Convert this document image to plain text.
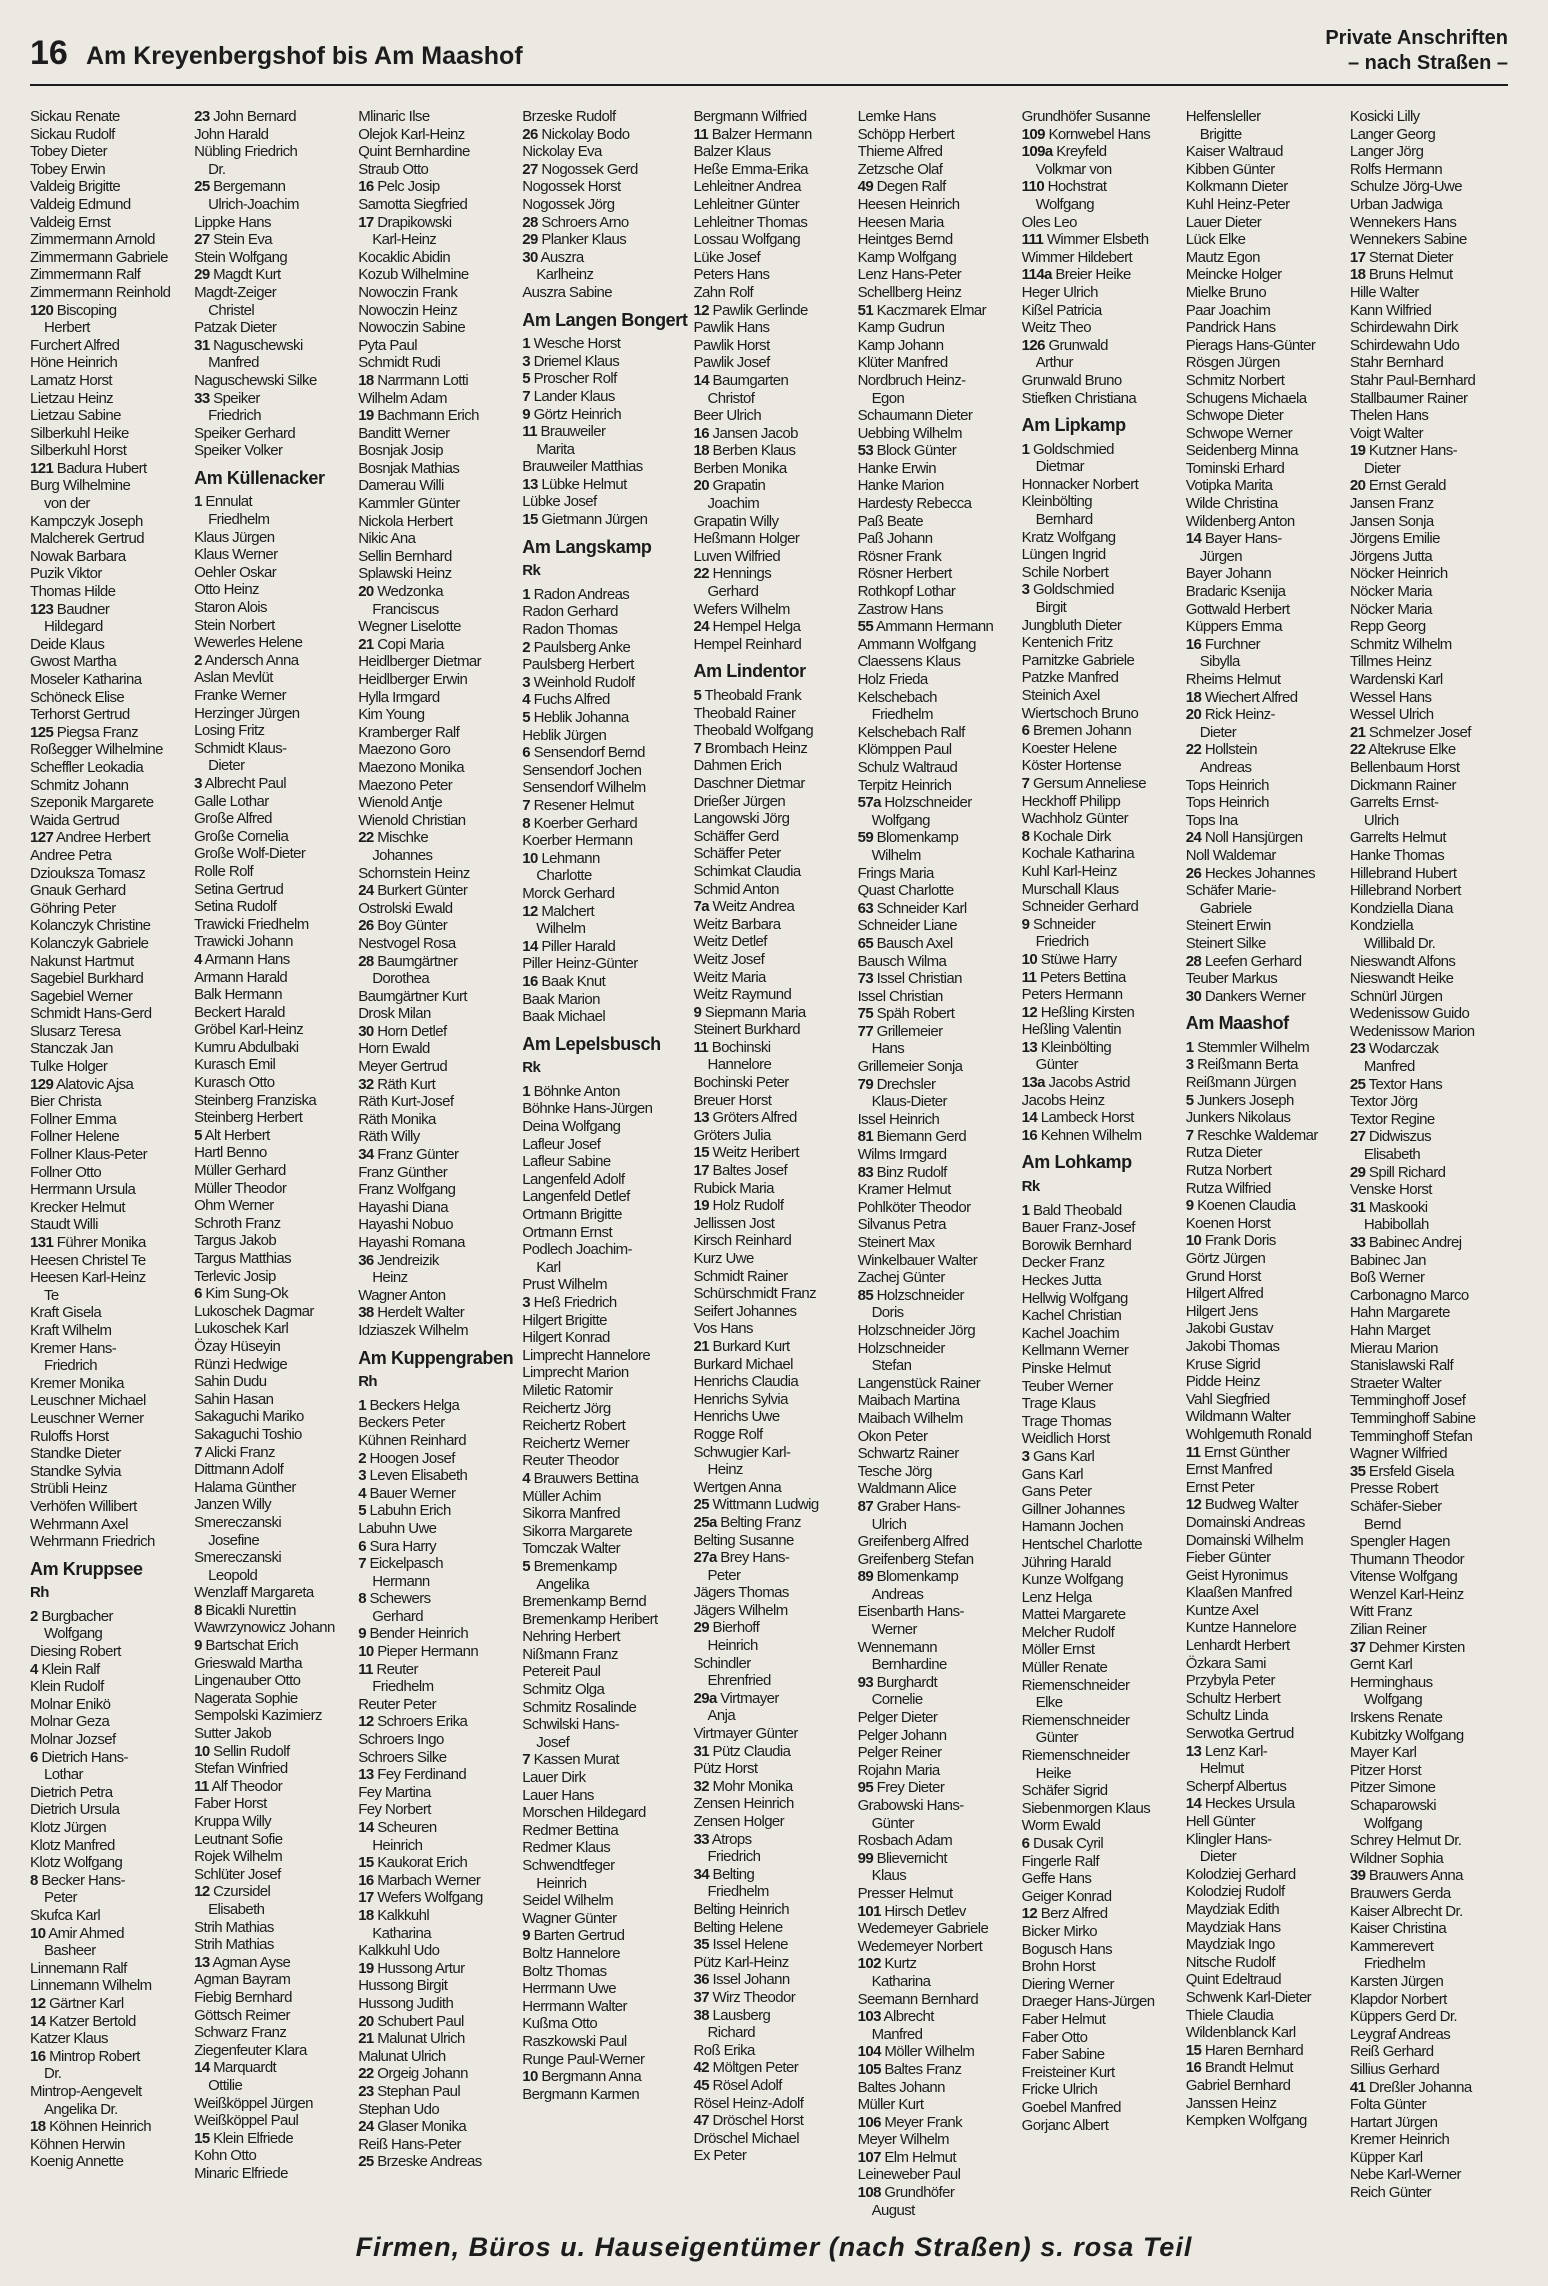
16 Am Kreyenbergshof bis Am Maashof
Private Anschriften
– nach Straßen –
Sickau Renate
Sickau Rudolf
Tobey Dieter
Tobey Erwin
Valdeig Brigitte
Valdeig Edmund
Valdeig Ernst
Zimmermann Arnold
Zimmermann Gabriele
Zimmermann Ralf
Zimmermann Reinhold
120 Biscoping
Herbert
Furchert Alfred
Höne Heinrich
Lamatz Horst
Lietzau Heinz
Lietzau Sabine
Silberkuhl Heike
Silberkuhl Horst
121 Badura Hubert
Burg Wilhelmine
von der
Kampczyk Joseph
Malcherek Gertrud
Nowak Barbara
Puzik Viktor
Thomas Hilde
123 Baudner
Hildegard
Deide Klaus
Gwost Martha
Moseler Katharina
Schöneck Elise
Terhorst Gertrud
125 Piegsa Franz
Roßegger Wilhelmine
Scheffler Leokadia
Schmitz Johann
Szeponik Margarete
Waida Gertrud
127 Andree Herbert
Andree Petra
Dziouksza Tomasz
Gnauk Gerhard
Göhring Peter
Kolanczyk Christine
Kolanczyk Gabriele
Nakunst Hartmut
Sagebiel Burkhard
Sagebiel Werner
Schmidt Hans-Gerd
Slusarz Teresa
Stanczak Jan
Tulke Holger
129 Alatovic Ajsa
Bier Christa
Follner Emma
Follner Helene
Follner Klaus-Peter
Follner Otto
Herrmann Ursula
Krecker Helmut
Staudt Willi
131 Führer Monika
Heesen Christel Te
Heesen Karl-Heinz
Te
Kraft Gisela
Kraft Wilhelm
Kremer Hans-
Friedrich
Kremer Monika
Leuschner Michael
Leuschner Werner
Ruloffs Horst
Standke Dieter
Standke Sylvia
Strübli Heinz
Verhöfen Willibert
Wehrmann Axel
Wehrmann Friedrich
Am Kruppsee
Rh
2 Burgbacher
Wolfgang
Diesing Robert
4 Klein Ralf
Klein Rudolf
Molnar Enikö
Molnar Geza
Molnar Jozsef
6 Dietrich Hans-
Lothar
Dietrich Petra
Dietrich Ursula
Klotz Jürgen
Klotz Manfred
Klotz Wolfgang
8 Becker Hans-
Peter
Skufca Karl
10 Amir Ahmed
Basheer
Linnemann Ralf
Linnemann Wilhelm
12 Gärtner Karl
14 Katzer Bertold
Katzer Klaus
16 Mintrop Robert
Dr.
Mintrop-Aengevelt
Angelika Dr.
18 Köhnen Heinrich
Köhnen Herwin
Koenig Annette
23 John Bernard
John Harald
Nübling Friedrich
Dr.
25 Bergemann
Ulrich-Joachim
Lippke Hans
27 Stein Eva
Stein Wolfgang
29 Magdt Kurt
Magdt-Zeiger
Christel
Patzak Dieter
31 Naguschewski
Manfred
Naguschewski Silke
33 Speiker
Friedrich
Speiker Gerhard
Speiker Volker
Am Küllenacker
1 Ennulat
Friedhelm
Klaus Jürgen
Klaus Werner
Oehler Oskar
Otto Heinz
Staron Alois
Stein Norbert
Wewerles Helene
2 Andersch Anna
Aslan Mevlüt
Franke Werner
Herzinger Jürgen
Losing Fritz
Schmidt Klaus-
Dieter
3 Albrecht Paul
Galle Lothar
Große Alfred
Große Cornelia
Große Wolf-Dieter
Rolle Rolf
Setina Gertrud
Setina Rudolf
Trawicki Friedhelm
Trawicki Johann
4 Armann Hans
Armann Harald
Balk Hermann
Beckert Harald
Gröbel Karl-Heinz
Kumru Abdulbaki
Kurasch Emil
Kurasch Otto
Steinberg Franziska
Steinberg Herbert
5 Alt Herbert
Hartl Benno
Müller Gerhard
Müller Theodor
Ohm Werner
Schroth Franz
Targus Jakob
Targus Matthias
Terlevic Josip
6 Kim Sung-Ok
Lukoschek Dagmar
Lukoschek Karl
Özay Hüseyin
Rünzi Hedwige
Sahin Dudu
Sahin Hasan
Sakaguchi Mariko
Sakaguchi Toshio
7 Alicki Franz
Dittmann Adolf
Halama Günther
Janzen Willy
Smereczanski
Josefine
Smereczanski
Leopold
Wenzlaff Margareta
8 Bicakli Nurettin
Wawrzynowicz Johann
9 Bartschat Erich
Grieswald Martha
Lingenauber Otto
Nagerata Sophie
Sempolski Kazimierz
Sutter Jakob
10 Sellin Rudolf
Stefan Winfried
11 Alf Theodor
Faber Horst
Kruppa Willy
Leutnant Sofie
Rojek Wilhelm
Schlüter Josef
12 Czursidel
Elisabeth
Strih Mathias
Strih Mathias
13 Agman Ayse
Agman Bayram
Fiebig Bernhard
Göttsch Reimer
Schwarz Franz
Ziegenfeuter Klara
14 Marquardt
Ottilie
Weißköppel Jürgen
Weißköppel Paul
15 Klein Elfriede
Kohn Otto
Minaric Elfriede
Mlinaric Ilse
Olejok Karl-Heinz
Quint Bernhardine
Straub Otto
16 Pelc Josip
Samotta Siegfried
17 Drapikowski
Karl-Heinz
Kocaklic Abidin
Kozub Wilhelmine
Nowoczin Frank
Nowoczin Heinz
Nowoczin Sabine
Pyta Paul
Schmidt Rudi
18 Narrmann Lotti
Wilhelm Adam
19 Bachmann Erich
Banditt Werner
Bosnjak Josip
Bosnjak Mathias
Damerau Willi
Kammler Günter
Nickola Herbert
Nikic Ana
Sellin Bernhard
Splawski Heinz
20 Wedzonka
Franciscus
Wegner Liselotte
21 Copi Maria
Heidlberger Dietmar
Heidlberger Erwin
Hylla Irmgard
Kim Young
Kramberger Ralf
Maezono Goro
Maezono Monika
Maezono Peter
Wienold Antje
Wienold Christian
22 Mischke
Johannes
Schornstein Heinz
24 Burkert Günter
Ostrolski Ewald
26 Boy Günter
Nestvogel Rosa
28 Baumgärtner
Dorothea
Baumgärtner Kurt
Drosk Milan
30 Horn Detlef
Horn Ewald
Meyer Gertrud
32 Räth Kurt
Räth Kurt-Josef
Räth Monika
Räth Willy
34 Franz Günter
Franz Günther
Franz Wolfgang
Hayashi Diana
Hayashi Nobuo
Hayashi Romana
36 Jendreizik
Heinz
Wagner Anton
38 Herdelt Walter
Idziaszek Wilhelm
Am Kuppengraben
Rh
1 Beckers Helga
Beckers Peter
Kühnen Reinhard
2 Hoogen Josef
3 Leven Elisabeth
4 Bauer Werner
5 Labuhn Erich
Labuhn Uwe
6 Sura Harry
7 Eickelpasch
Hermann
8 Schewers
Gerhard
9 Bender Heinrich
10 Pieper Hermann
11 Reuter
Friedhelm
Reuter Peter
12 Schroers Erika
Schroers Ingo
Schroers Silke
13 Fey Ferdinand
Fey Martina
Fey Norbert
14 Scheuren
Heinrich
15 Kaukorat Erich
16 Marbach Werner
17 Wefers Wolfgang
18 Kalkkuhl
Katharina
Kalkkuhl Udo
19 Hussong Artur
Hussong Birgit
Hussong Judith
20 Schubert Paul
21 Malunat Ulrich
Malunat Ulrich
22 Orgeig Johann
23 Stephan Paul
Stephan Udo
24 Glaser Monika
Reiß Hans-Peter
25 Brzeske Andreas
Brzeske Rudolf
26 Nickolay Bodo
Nickolay Eva
27 Nogossek Gerd
Nogossek Horst
Nogossek Jörg
28 Schroers Arno
29 Planker Klaus
30 Auszra
Karlheinz
Auszra Sabine
Am Langen Bongert
1 Wesche Horst
3 Driemel Klaus
5 Proscher Rolf
7 Lander Klaus
9 Görtz Heinrich
11 Brauweiler
Marita
Brauweiler Matthias
13 Lübke Helmut
Lübke Josef
15 Gietmann Jürgen
Am Langskamp
Rk
1 Radon Andreas
Radon Gerhard
Radon Thomas
2 Paulsberg Anke
Paulsberg Herbert
3 Weinhold Rudolf
4 Fuchs Alfred
5 Heblik Johanna
Heblik Jürgen
6 Sensendorf Bernd
Sensendorf Jochen
Sensendorf Wilhelm
7 Resener Helmut
8 Koerber Gerhard
Koerber Hermann
10 Lehmann
Charlotte
Morck Gerhard
12 Malchert
Wilhelm
14 Piller Harald
Piller Heinz-Günter
16 Baak Knut
Baak Marion
Baak Michael
Am Lepelsbusch
Rk
1 Böhnke Anton
Böhnke Hans-Jürgen
Deina Wolfgang
Lafleur Josef
Lafleur Sabine
Langenfeld Adolf
Langenfeld Detlef
Ortmann Brigitte
Ortmann Ernst
Podlech Joachim-
Karl
Prust Wilhelm
3 Heß Friedrich
Hilgert Brigitte
Hilgert Konrad
Limprecht Hannelore
Limprecht Marion
Miletic Ratomir
Reichertz Jörg
Reichertz Robert
Reichertz Werner
Reuter Theodor
4 Brauwers Bettina
Müller Achim
Sikorra Manfred
Sikorra Margarete
Tomczak Walter
5 Bremenkamp
Angelika
Bremenkamp Bernd
Bremenkamp Heribert
Nehring Herbert
Nißmann Franz
Petereit Paul
Schmitz Olga
Schmitz Rosalinde
Schwilski Hans-
Josef
7 Kassen Murat
Lauer Dirk
Lauer Hans
Morschen Hildegard
Redmer Bettina
Redmer Klaus
Schwendtfeger
Heinrich
Seidel Wilhelm
Wagner Günter
9 Barten Gertrud
Boltz Hannelore
Boltz Thomas
Herrmann Uwe
Herrmann Walter
Kußma Otto
Raszkowski Paul
Runge Paul-Werner
10 Bergmann Anna
Bergmann Karmen
Bergmann Wilfried
11 Balzer Hermann
Balzer Klaus
Heße Emma-Erika
Lehleitner Andrea
Lehleitner Günter
Lehleitner Thomas
Lossau Wolfgang
Lüke Josef
Peters Hans
Zahn Rolf
12 Pawlik Gerlinde
Pawlik Hans
Pawlik Horst
Pawlik Josef
14 Baumgarten
Christof
Beer Ulrich
16 Jansen Jacob
18 Berben Klaus
Berben Monika
20 Grapatin
Joachim
Grapatin Willy
Heßmann Holger
Luven Wilfried
22 Hennings
Gerhard
Wefers Wilhelm
24 Hempel Helga
Hempel Reinhard
Am Lindentor
5 Theobald Frank
Theobald Rainer
Theobald Wolfgang
7 Brombach Heinz
Dahmen Erich
Daschner Dietmar
Drießer Jürgen
Langowski Jörg
Schäffer Gerd
Schäffer Peter
Schimkat Claudia
Schmid Anton
7a Weitz Andrea
Weitz Barbara
Weitz Detlef
Weitz Josef
Weitz Maria
Weitz Raymund
9 Siepmann Maria
Steinert Burkhard
11 Bochinski
Hannelore
Bochinski Peter
Breuer Horst
13 Gröters Alfred
Gröters Julia
15 Weitz Heribert
17 Baltes Josef
Rubick Maria
19 Holz Rudolf
Jellissen Jost
Kirsch Reinhard
Kurz Uwe
Schmidt Rainer
Schürschmidt Franz
Seifert Johannes
Vos Hans
21 Burkard Kurt
Burkard Michael
Henrichs Claudia
Henrichs Sylvia
Henrichs Uwe
Rogge Rolf
Schwugier Karl-
Heinz
Wertgen Anna
25 Wittmann Ludwig
25a Belting Franz
Belting Susanne
27a Brey Hans-
Peter
Jägers Thomas
Jägers Wilhelm
29 Bierhoff
Heinrich
Schindler
Ehrenfried
29a Virtmayer
Anja
Virtmayer Günter
31 Pütz Claudia
Pütz Horst
32 Mohr Monika
Zensen Heinrich
Zensen Holger
33 Atrops
Friedrich
34 Belting
Friedhelm
Belting Heinrich
Belting Helene
35 Issel Helene
Pütz Karl-Heinz
36 Issel Johann
37 Wirz Theodor
38 Lausberg
Richard
Roß Erika
42 Möltgen Peter
45 Rösel Adolf
Rösel Heinz-Adolf
47 Dröschel Horst
Dröschel Michael
Ex Peter
Lemke Hans
Schöpp Herbert
Thieme Alfred
Zetzsche Olaf
49 Degen Ralf
Heesen Heinrich
Heesen Maria
Heintges Bernd
Kamp Wolfgang
Lenz Hans-Peter
Schellberg Heinz
51 Kaczmarek Elmar
Kamp Gudrun
Kamp Johann
Klüter Manfred
Nordbruch Heinz-
Egon
Schaumann Dieter
Uebbing Wilhelm
53 Block Günter
Hanke Erwin
Hanke Marion
Hardesty Rebecca
Paß Beate
Paß Johann
Rösner Frank
Rösner Herbert
Rothkopf Lothar
Zastrow Hans
55 Ammann Hermann
Ammann Wolfgang
Claessens Klaus
Holz Frieda
Kelschebach
Friedhelm
Kelschebach Ralf
Klömppen Paul
Schulz Waltraud
Terpitz Heinrich
57a Holzschneider
Wolfgang
59 Blomenkamp
Wilhelm
Frings Maria
Quast Charlotte
63 Schneider Karl
Schneider Liane
65 Bausch Axel
Bausch Wilma
73 Issel Christian
Issel Christian
75 Späh Robert
77 Grillemeier
Hans
Grillemeier Sonja
79 Drechsler
Klaus-Dieter
Issel Heinrich
81 Biemann Gerd
Wilms Irmgard
83 Binz Rudolf
Kramer Helmut
Pohlköter Theodor
Silvanus Petra
Steinert Max
Winkelbauer Walter
Zachej Günter
85 Holzschneider
Doris
Holzschneider Jörg
Holzschneider
Stefan
Langenstück Rainer
Maibach Martina
Maibach Wilhelm
Okon Peter
Schwartz Rainer
Tesche Jörg
Waldmann Alice
87 Graber Hans-
Ulrich
Greifenberg Alfred
Greifenberg Stefan
89 Blomenkamp
Andreas
Eisenbarth Hans-
Werner
Wennemann
Bernhardine
93 Burghardt
Cornelie
Pelger Dieter
Pelger Johann
Pelger Reiner
Rojahn Maria
95 Frey Dieter
Grabowski Hans-
Günter
Rosbach Adam
99 Blievernicht
Klaus
Presser Helmut
101 Hirsch Detlev
Wedemeyer Gabriele
Wedemeyer Norbert
102 Kurtz
Katharina
Seemann Bernhard
103 Albrecht
Manfred
104 Möller Wilhelm
105 Baltes Franz
Baltes Johann
Müller Kurt
106 Meyer Frank
Meyer Wilhelm
107 Elm Helmut
Leineweber Paul
108 Grundhöfer
August
Grundhöfer Susanne
109 Kornwebel Hans
109a Kreyfeld
Volkmar von
110 Hochstrat
Wolfgang
Oles Leo
111 Wimmer Elsbeth
Wimmer Hildebert
114a Breier Heike
Heger Ulrich
Kißel Patricia
Weitz Theo
126 Grunwald
Arthur
Grunwald Bruno
Stiefken Christiana
Am Lipkamp
1 Goldschmied
Dietmar
Honnacker Norbert
Kleinbölting
Bernhard
Kratz Wolfgang
Lüngen Ingrid
Schile Norbert
3 Goldschmied
Birgit
Jungbluth Dieter
Kentenich Fritz
Parnitzke Gabriele
Patzke Manfred
Steinich Axel
Wiertschoch Bruno
6 Bremen Johann
Koester Helene
Köster Hortense
7 Gersum Anneliese
Heckhoff Philipp
Wachholz Günter
8 Kochale Dirk
Kochale Katharina
Kuhl Karl-Heinz
Murschall Klaus
Schneider Gerhard
9 Schneider
Friedrich
10 Stüwe Harry
11 Peters Bettina
Peters Hermann
12 Heßling Kirsten
Heßling Valentin
13 Kleinbölting
Günter
13a Jacobs Astrid
Jacobs Heinz
14 Lambeck Horst
16 Kehnen Wilhelm
Am Lohkamp
Rk
1 Bald Theobald
Bauer Franz-Josef
Borowik Bernhard
Decker Franz
Heckes Jutta
Hellwig Wolfgang
Kachel Christian
Kachel Joachim
Kellmann Werner
Pinske Helmut
Teuber Werner
Trage Klaus
Trage Thomas
Weidlich Horst
3 Gans Karl
Gans Karl
Gans Peter
Gillner Johannes
Hamann Jochen
Hentschel Charlotte
Jühring Harald
Kunze Wolfgang
Lenz Helga
Mattei Margarete
Melcher Rudolf
Möller Ernst
Müller Renate
Riemenschneider
Elke
Riemenschneider
Günter
Riemenschneider
Heike
Schäfer Sigrid
Siebenmorgen Klaus
Worm Ewald
6 Dusak Cyril
Fingerle Ralf
Geffe Hans
Geiger Konrad
12 Berz Alfred
Bicker Mirko
Bogusch Hans
Brohn Horst
Diering Werner
Draeger Hans-Jürgen
Faber Helmut
Faber Otto
Faber Sabine
Freisteiner Kurt
Fricke Ulrich
Goebel Manfred
Gorjanc Albert
Helfensleller
Brigitte
Kaiser Waltraud
Kibben Günter
Kolkmann Dieter
Kuhl Heinz-Peter
Lauer Dieter
Lück Elke
Mautz Egon
Meincke Holger
Mielke Bruno
Paar Joachim
Pandrick Hans
Pierags Hans-Günter
Rösgen Jürgen
Schmitz Norbert
Schugens Michaela
Schwope Dieter
Schwope Werner
Seidenberg Minna
Tominski Erhard
Votipka Marita
Wilde Christina
Wildenberg Anton
14 Bayer Hans-
Jürgen
Bayer Johann
Bradaric Ksenija
Gottwald Herbert
Küppers Emma
16 Furchner
Sibylla
Rheims Helmut
18 Wiechert Alfred
20 Rick Heinz-
Dieter
22 Hollstein
Andreas
Tops Heinrich
Tops Heinrich
Tops Ina
24 Noll Hansjürgen
Noll Waldemar
26 Heckes Johannes
Schäfer Marie-
Gabriele
Steinert Erwin
Steinert Silke
28 Leefen Gerhard
Teuber Markus
30 Dankers Werner
Am Maashof
1 Stemmler Wilhelm
3 Reißmann Berta
Reißmann Jürgen
5 Junkers Joseph
Junkers Nikolaus
7 Reschke Waldemar
Rutza Dieter
Rutza Norbert
Rutza Wilfried
9 Koenen Claudia
Koenen Horst
10 Frank Doris
Görtz Jürgen
Grund Horst
Hilgert Alfred
Hilgert Jens
Jakobi Gustav
Jakobi Thomas
Kruse Sigrid
Pidde Heinz
Vahl Siegfried
Wildmann Walter
Wohlgemuth Ronald
11 Ernst Günther
Ernst Manfred
Ernst Peter
12 Budweg Walter
Domainski Andreas
Domainski Wilhelm
Fieber Günter
Geist Hyronimus
Klaaßen Manfred
Kuntze Axel
Kuntze Hannelore
Lenhardt Herbert
Özkara Sami
Przybyla Peter
Schultz Herbert
Schultz Linda
Serwotka Gertrud
13 Lenz Karl-
Helmut
Scherpf Albertus
14 Heckes Ursula
Hell Günter
Klingler Hans-
Dieter
Kolodziej Gerhard
Kolodziej Rudolf
Maydziak Edith
Maydziak Hans
Maydziak Ingo
Nitsche Rudolf
Quint Edeltraud
Schwenk Karl-Dieter
Thiele Claudia
Wildenblanck Karl
15 Haren Bernhard
16 Brandt Helmut
Gabriel Bernhard
Janssen Heinz
Kempken Wolfgang
Kosicki Lilly
Langer Georg
Langer Jörg
Rolfs Hermann
Schulze Jörg-Uwe
Urban Jadwiga
Wennekers Hans
Wennekers Sabine
17 Sternat Dieter
18 Bruns Helmut
Hille Walter
Kann Wilfried
Schirdewahn Dirk
Schirdewahn Udo
Stahr Bernhard
Stahr Paul-Bernhard
Stallbaumer Rainer
Thelen Hans
Voigt Walter
19 Kutzner Hans-
Dieter
20 Ernst Gerald
Jansen Franz
Jansen Sonja
Jörgens Emilie
Jörgens Jutta
Nöcker Heinrich
Nöcker Maria
Nöcker Maria
Repp Georg
Schmitz Wilhelm
Tillmes Heinz
Wardenski Karl
Wessel Hans
Wessel Ulrich
21 Schmelzer Josef
22 Altekruse Elke
Bellenbaum Horst
Dickmann Rainer
Garrelts Ernst-
Ulrich
Garrelts Helmut
Hanke Thomas
Hillebrand Hubert
Hillebrand Norbert
Kondziella Diana
Kondziella
Willibald Dr.
Nieswandt Alfons
Nieswandt Heike
Schnürl Jürgen
Wedenissow Guido
Wedenissow Marion
23 Wodarczak
Manfred
25 Textor Hans
Textor Jörg
Textor Regine
27 Didwiszus
Elisabeth
29 Spill Richard
Venske Horst
31 Maskooki
Habibollah
33 Babinec Andrej
Babinec Jan
Boß Werner
Carbonagno Marco
Hahn Margarete
Hahn Marget
Mierau Marion
Stanislawski Ralf
Straeter Walter
Temminghoff Josef
Temminghoff Sabine
Temminghoff Stefan
Wagner Wilfried
35 Ersfeld Gisela
Presse Robert
Schäfer-Sieber
Bernd
Spengler Hagen
Thumann Theodor
Vitense Wolfgang
Wenzel Karl-Heinz
Witt Franz
Zilian Reiner
37 Dehmer Kirsten
Gernt Karl
Herminghaus
Wolfgang
Irskens Renate
Kubitzky Wolfgang
Mayer Karl
Pitzer Horst
Pitzer Simone
Schaparowski
Wolfgang
Schrey Helmut Dr.
Wildner Sophia
39 Brauwers Anna
Brauwers Gerda
Kaiser Albrecht Dr.
Kaiser Christina
Kammerevert
Friedhelm
Karsten Jürgen
Klapdor Norbert
Küppers Gerd Dr.
Leygraf Andreas
Reiß Gerhard
Sillius Gerhard
41 Dreßler Johanna
Folta Günter
Hartart Jürgen
Kremer Heinrich
Küpper Karl
Nebe Karl-Werner
Reich Günter
Firmen, Büros u. Hauseigentümer (nach Straßen) s. rosa Teil
